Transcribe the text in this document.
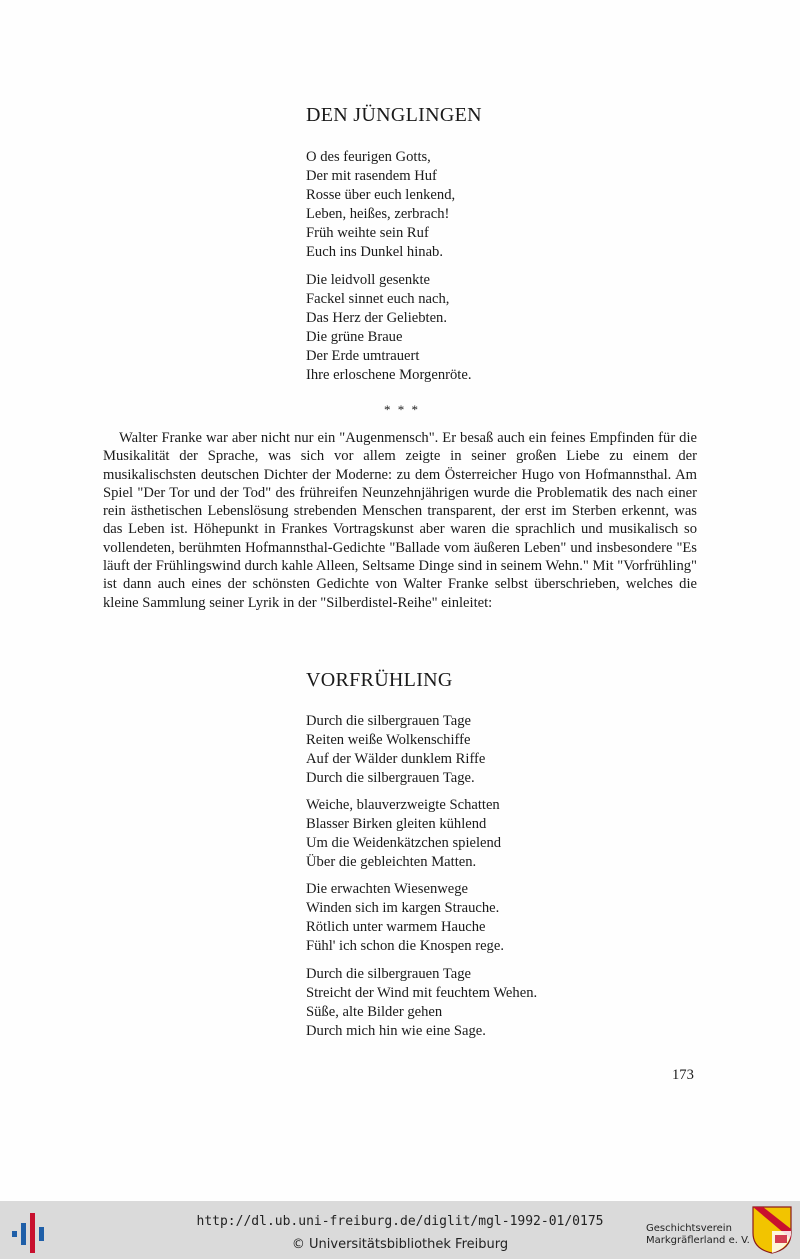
DEN JÜNGLINGEN
O des feurigen Gotts,
Der mit rasendem Huf
Rosse über euch lenkend,
Leben, heißes, zerbrach!
Früh weihte sein Ruf
Euch ins Dunkel hinab.
Die leidvoll gesenkte
Fackel sinnet euch nach,
Das Herz der Geliebten.
Die grüne Braue
Der Erde umtrauert
Ihre erloschene Morgenröte.
* * *

Walter Franke war aber nicht nur ein "Augenmensch". Er besaß auch ein feines Empfinden für die Musikalität der Sprache, was sich vor allem zeigte in seiner großen Liebe zu einem der musikalischsten deutschen Dichter der Moderne: zu dem Österreicher Hugo von Hofmannsthal. Am Spiel "Der Tor und der Tod" des frühreifen Neunzehnjährigen wurde die Problematik des nach einer rein ästhetischen Lebenslösung strebenden Menschen transparent, der erst im Sterben erkennt, was das Leben ist. Höhepunkt in Frankes Vortragskunst aber waren die sprachlich und musikalisch so vollendeten, berühmten Hofmannsthal-Gedichte "Ballade vom äußeren Leben" und insbesondere "Es läuft der Frühlingswind durch kahle Alleen, Seltsame Dinge sind in seinem Wehn." Mit "Vorfrühling" ist dann auch eines der schönsten Gedichte von Walter Franke selbst überschrieben, welches die kleine Sammlung seiner Lyrik in der "Silberdistel-Reihe" einleitet:

VORFRÜHLING
Durch die silbergrauen Tage
Reiten weiße Wolkenschiffe
Auf der Wälder dunklem Riffe
Durch die silbergrauen Tage.
Weiche, blauverzweigte Schatten
Blasser Birken gleiten kühlend
Um die Weidenkätzchen spielend
Über die gebleichten Matten.
Die erwachten Wiesenwege
Winden sich im kargen Strauche.
Rötlich unter warmem Hauche
Fühl' ich schon die Knospen rege.
Durch die silbergrauen Tage
Streicht der Wind mit feuchtem Wehen.
Süße, alte Bilder gehen
Durch mich hin wie eine Sage.
173
http://dl.ub.uni-freiburg.de/diglit/mgl-1992-01/0175
© Universitätsbibliothek Freiburg
Geschichtsverein
Markgräflerland e. V.
